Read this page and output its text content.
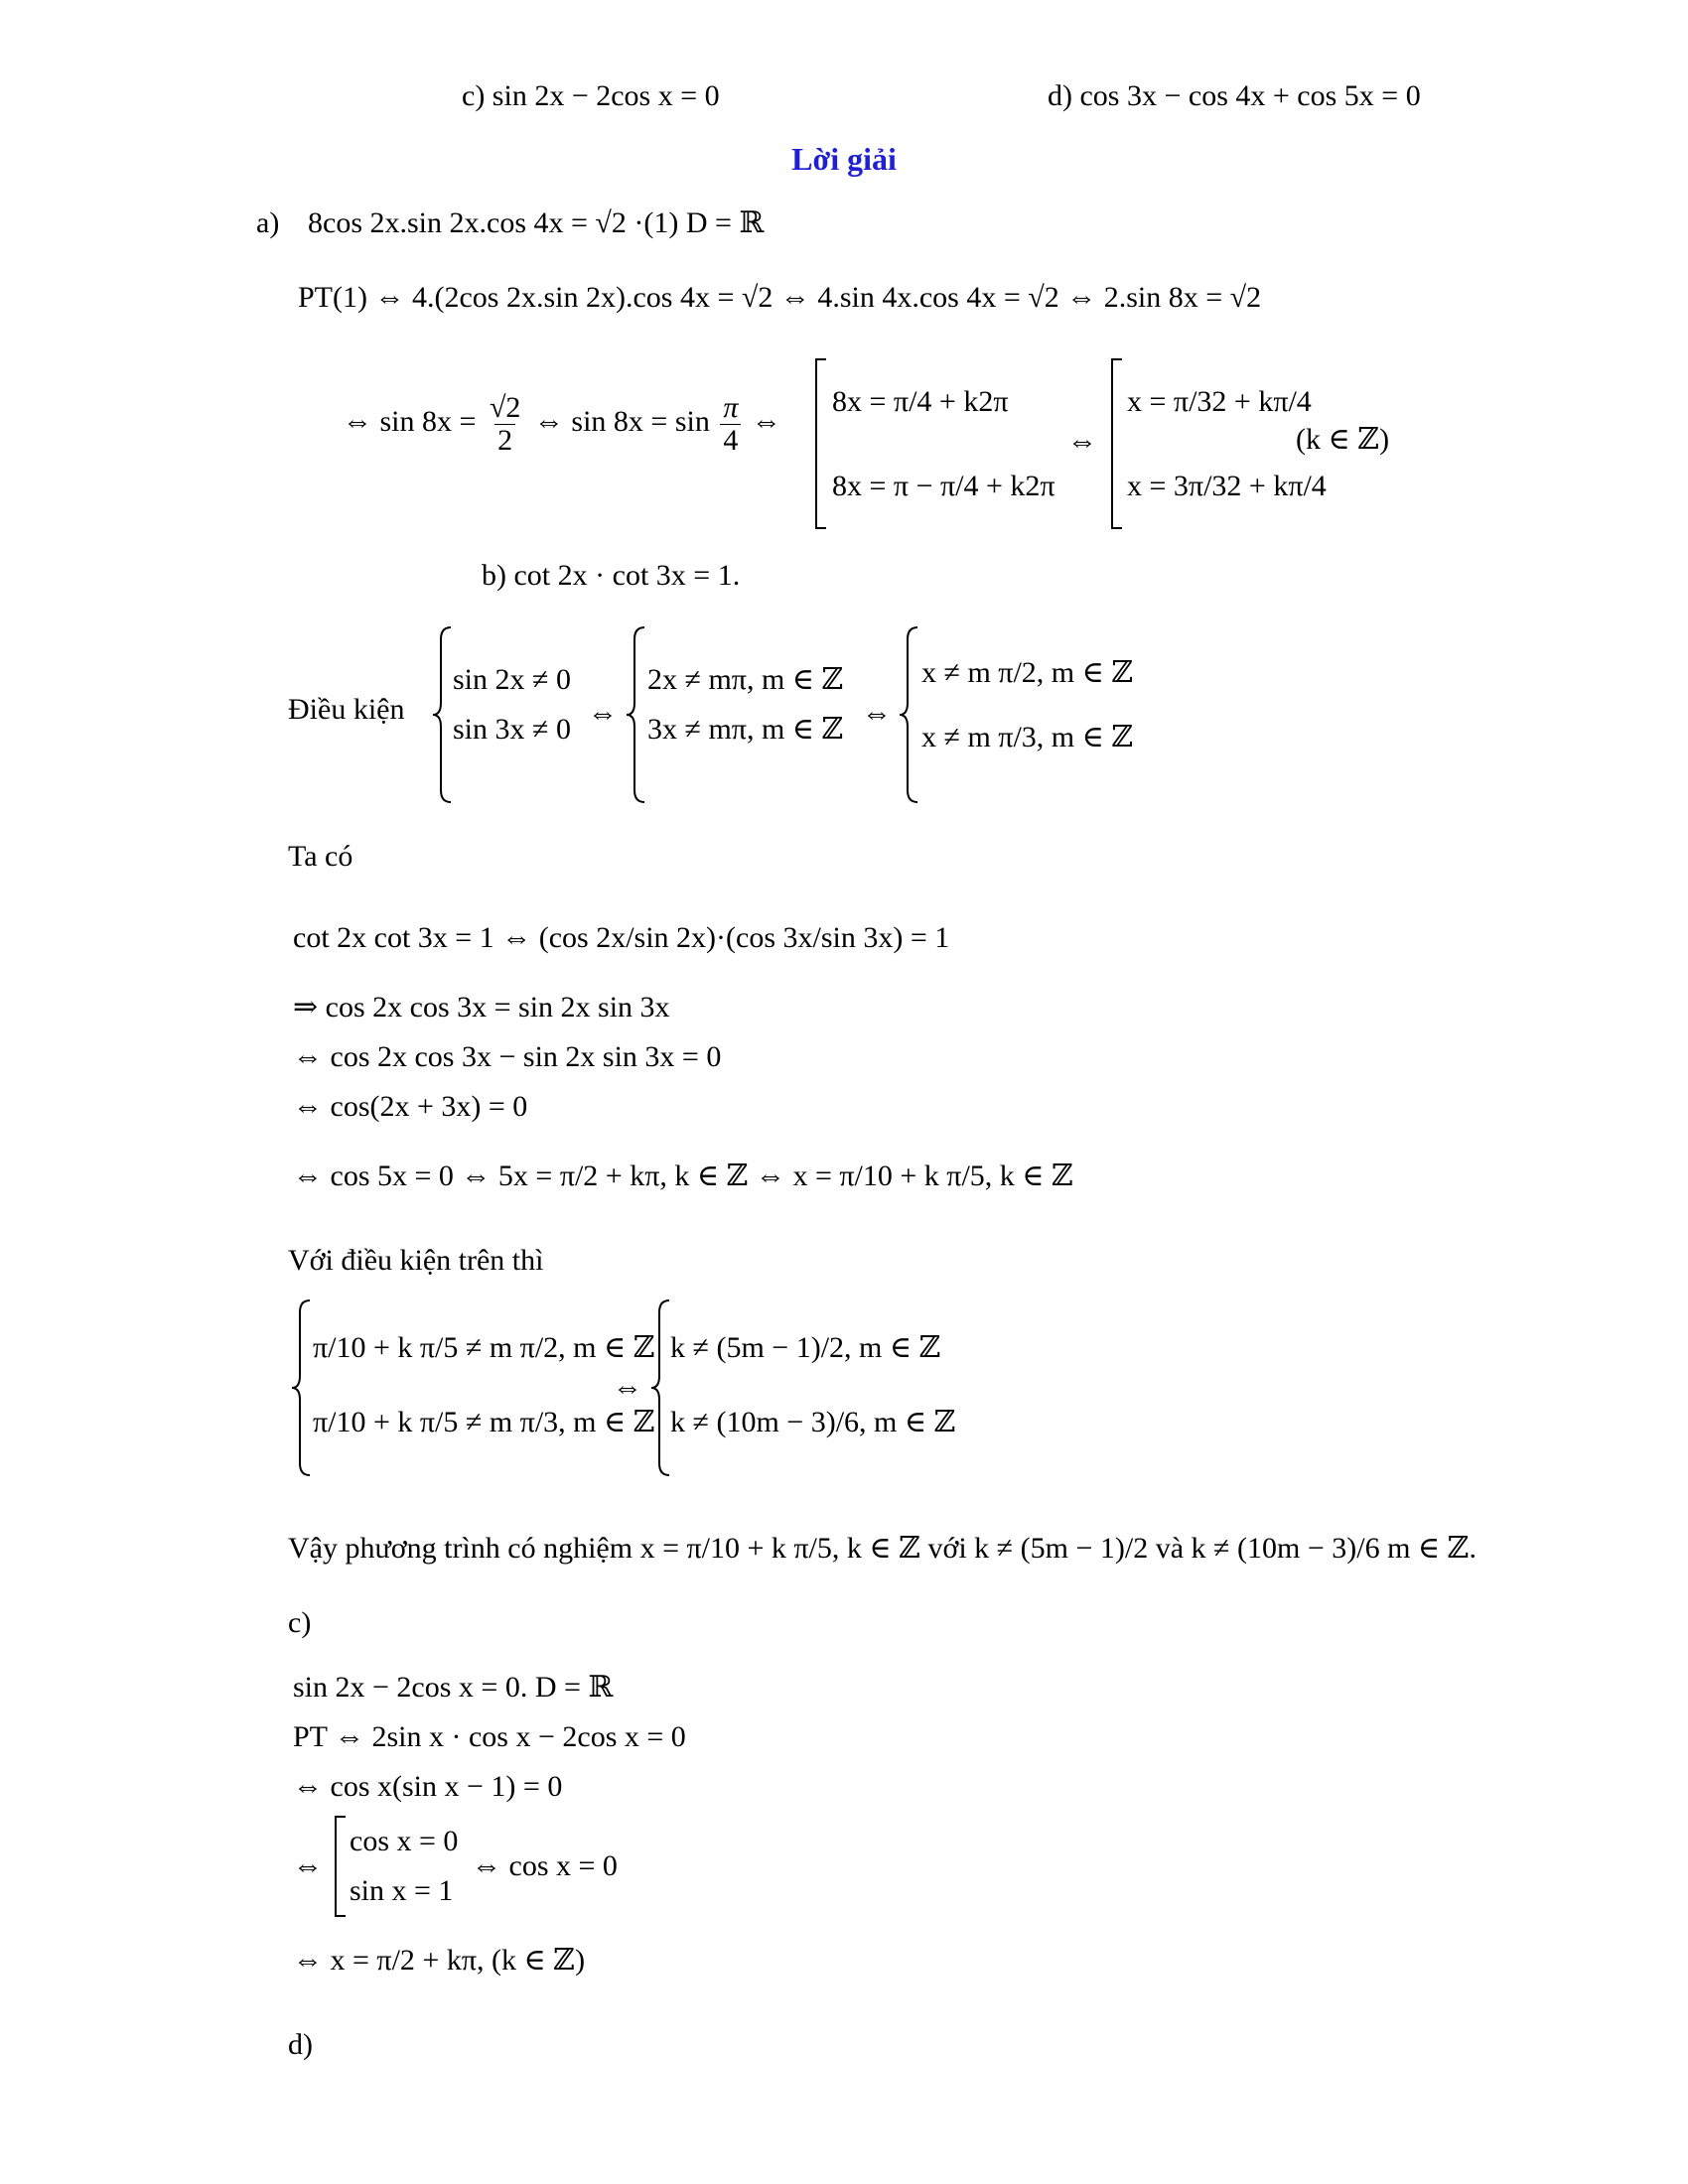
c) sin 2x − 2cos x = 0	d) cos 3x − cos 4x + cos 5x = 0
Lời giải
a) 8cos 2x.sin 2x.cos 4x = √2 ·(1) D = ℝ
PT(1) ⇔ 4.(2cos 2x.sin 2x).cos 4x = √2 ⇔ 4.sin 4x.cos 4x = √2 ⇔ 2.sin 8x = √2
⇔ $\sin 8x = \frac{√2}{2}$ ⇔ $\sin 8x = \sin \frac{\pi}{4}$ ⇔
8x = π/4 + k2π
8x = π − π/4 + k2π
⇔
x = π/32 + kπ/4
x = 3π/32 + kπ/4
(k ∈ ℤ)
b) cot 2x · cot 3x = 1.
Điều kiện
sin 2x ≠ 0
sin 3x ≠ 0 ⇔
2x ≠ mπ, m ∈ ℤ
3x ≠ mπ, m ∈ ℤ ⇔
x ≠ m π/2, m ∈ ℤ
x ≠ m π/3, m ∈ ℤ
Ta có
cot 2x cot 3x = 1 ⇔ (cos 2x/sin 2x)·(cos 3x/sin 3x) = 1
⇒ cos 2x cos 3x = sin 2x sin 3x
⇔ cos 2x cos 3x − sin 2x sin 3x = 0
⇔ cos(2x + 3x) = 0
⇔ cos 5x = 0 ⇔ 5x = π/2 + kπ, k ∈ ℤ ⇔ x = π/10 + k π/5, k ∈ ℤ
Với điều kiện trên thì
π/10 + k π/5 ≠ m π/2, m ∈ ℤ
π/10 + k π/5 ≠ m π/3, m ∈ ℤ
⇔
k ≠ (5m − 1)/2, m ∈ ℤ
k ≠ (10m − 3)/6, m ∈ ℤ
Vậy phương trình có nghiệm x = π/10 + k π/5, k ∈ ℤ với k ≠ (5m − 1)/2 và k ≠ (10m − 3)/6 m ∈ ℤ.
c)
sin 2x − 2cos x = 0. D = ℝ
PT ⇔ 2sin x · cos x − 2cos x = 0
⇔ cos x(sin x − 1) = 0
⇔
cos x = 0
sin x = 1
⇔ cos x = 0
⇔ x = π/2 + kπ, (k ∈ ℤ)
d)
